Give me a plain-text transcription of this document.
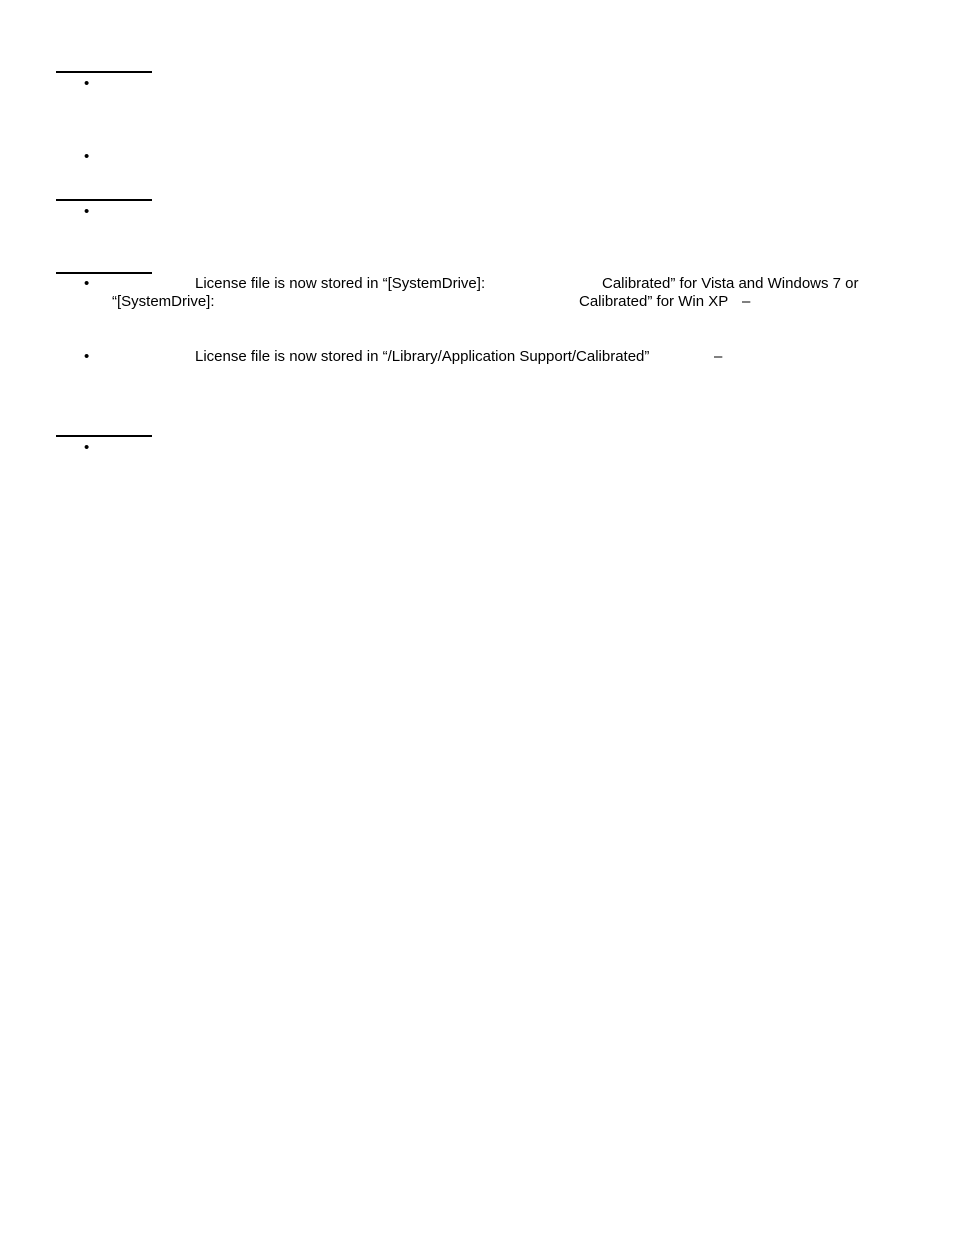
•
•
•
•	License file is now stored in “[SystemDrive]:	Calibrated” for Vista and Windows 7 or
“[SystemDrive]:	Calibrated” for Win XP –
•	License file is now stored in “/Library/Application Support/Calibrated”	–
•
